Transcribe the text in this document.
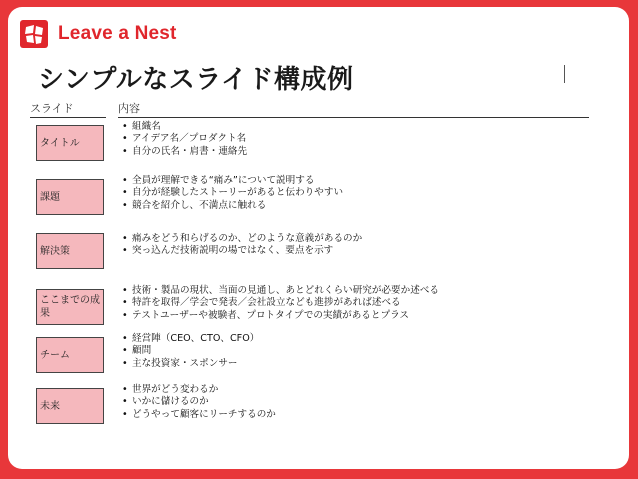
Leave a Nest
シンプルなスライド構成例
スライド	内容
タイトル
• 組織名
• アイデア名／プロダクト名
• 自分の氏名・肩書・連絡先
課題
• 全員が理解できる“痛み”について説明する
• 自分が経験したストーリーがあると伝わりやすい
• 競合を紹介し、不満点に触れる
解決策
• 痛みをどう和らげるのか、どのような意義があるのか
• 突っ込んだ技術説明の場ではなく、要点を示す
ここまでの成果
• 技術・製品の現状、当面の見通し、あとどれくらい研究が必要か述べる
• 特許を取得／学会で発表／会社設立なども進捗があれば述べる
• テストユーザーや被験者、プロトタイプでの実績があるとプラス
チーム
• 経営陣（CEO、CTO、CFO）
• 顧問
• 主な投資家・スポンサー
未来
• 世界がどう変わるか
• いかに儲けるのか
• どうやって顧客にリーチするのか
